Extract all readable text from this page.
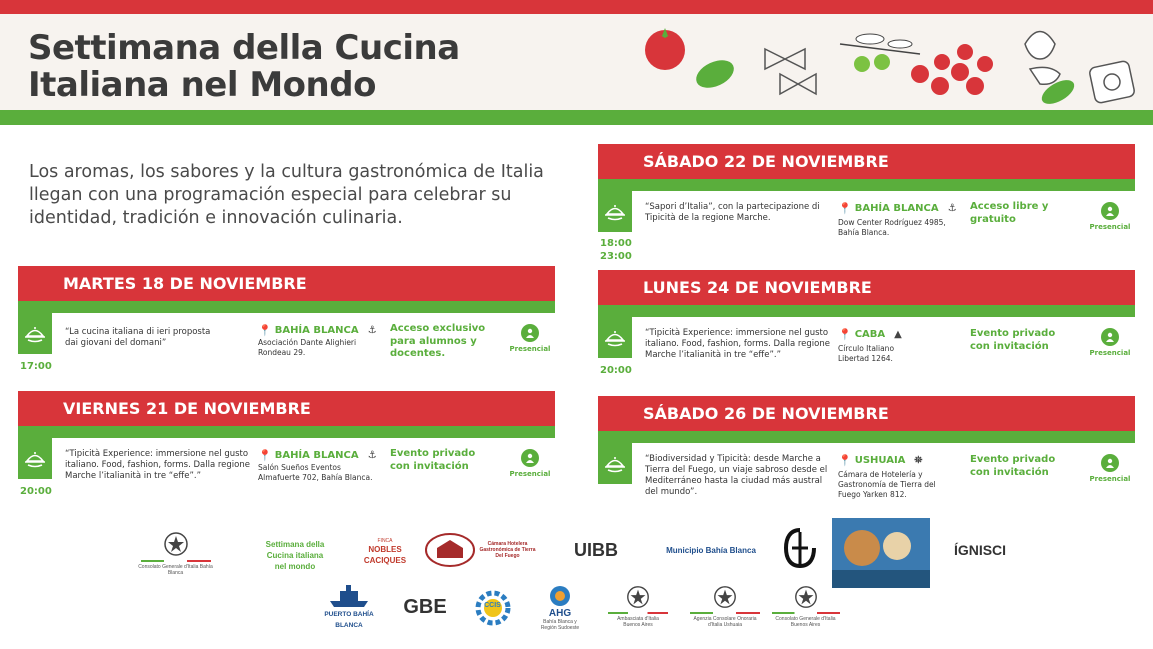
Settimana della Cucina
Italiana nel Mondo

Los aromas, los sabores y la cultura gastronómica de Italia llegan con una programación especial para celebrar su identidad, tradición e innovación culinaria.

MARTES 18 DE NOVIEMBRE
17:00
“La cucina italiana di ieri proposta dai giovani del domani”
📍 BAHÍA BLANCA ⚓
Asociación Dante Alighieri Rondeau 29.
Acceso exclusivo para alumnos y docentes.	Presencial
VIERNES 21 DE NOVIEMBRE
20:00
“Tipicità Experience: immersione nel gusto italiano. Food, fashion, forms. Dalla regione Marche l’italianità in tre “effe”.”
📍 BAHÍA BLANCA ⚓
Salón Sueños Eventos Almafuerte 702, Bahía Blanca.
Evento privado con invitación
Presencial
SÁBADO 22 DE NOVIEMBRE
18:00
23:00
“Sapori d’Italia”, con la partecipazione di Tipicità de la regione Marche.
📍 BAHÍA BLANCA ⚓
Dow Center Rodríguez 4985, Bahía Blanca.
Acceso libre y gratuito
Presencial
LUNES 24 DE NOVIEMBRE
20:00
“Tipicità Experience: immersione nel gusto italiano. Food, fashion, forms. Dalla regione Marche l’italianità in tre “effe”.”
📍 CABA ▲
Círculo Italiano Libertad 1264.
Evento privado con invitación
Presencial
SÁBADO 26 DE NOVIEMBRE
“Biodiversidad y Tipicità: desde Marche a Tierra del Fuego, un viaje sabroso desde el Mediterráneo hasta la ciudad más austral del mundo”.
📍 USHUAIA ⛯
Cámara de Hotelería y Gastronomía de Tierra del Fuego Yarken 812.
Evento privado con invitación
Presencial
Consolato Generale d'Italia Bahía Blanca
Settimana della Cucina italiana nel mondo
FINCA
NOBLES CACIQUES
Cámara Hotelera Gastronómica de Tierra Del Fuego	UIBB	Municipio Bahía Blanca	ÍGNISCI
PUERTO BAHÍA BLANCA
GBE	CCIS
AHG
Bahía Blanca y Región Sudoeste
Ambasciata d'Italia Buenos Aires
Agenzia Consolare Onoraria d'Italia Ushuaia
Consolato Generale d'Italia Buenos Aires
